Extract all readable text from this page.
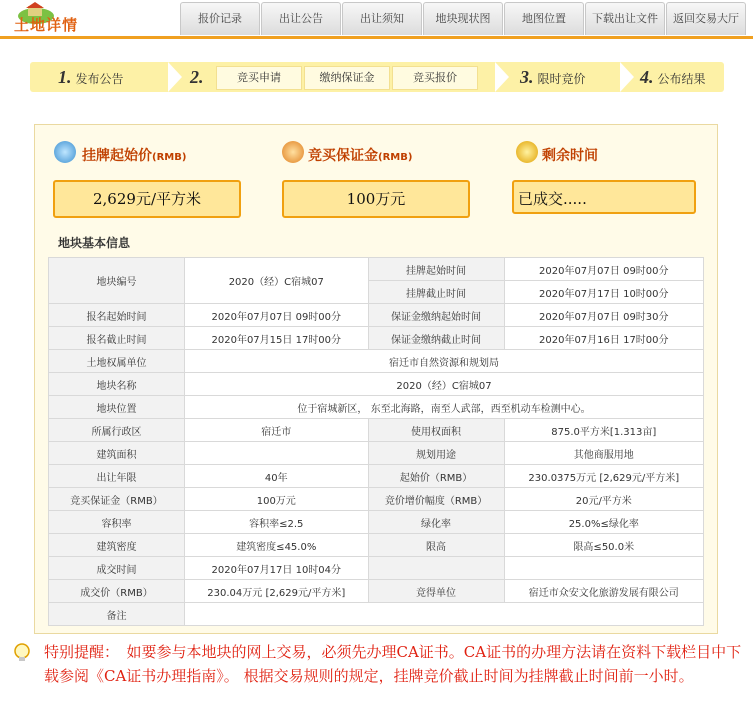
土地详情	报价记录	出让公告	出让须知	地块现状图	地图位置	下载出让文件	返回交易大厅
1. 发布公告	2.	竞买申请	缴纳保证金	竞买报价	3. 限时竞价	4. 公布结果
挂牌起始价(RMB)	竞买保证金(RMB)	剩余时间
2,629元/平方米	100万元	已成交.....
地块基本信息
地块编号	2020（经）C宿城07	挂牌起始时间	2020年07月07日 09时00分
		挂牌截止时间	2020年07月17日 10时00分
报名起始时间	2020年07月07日 09时00分	保证金缴纳起始时间	2020年07月07日 09时30分
报名截止时间	2020年07月15日 17时00分	保证金缴纳截止时间	2020年07月16日 17时00分
土地权属单位	宿迁市自然资源和规划局		
地块名称	2020（经）C宿城07		
地块位置	位于宿城新区， 东至北海路，南至人武部，西至机动车检测中心。		
所属行政区	宿迁市	使用权面积	875.0平方米[1.313亩]
建筑面积		规划用途	其他商服用地
出让年限	40年	起始价（RMB）	230.0375万元 [2,629元/平方米]
竞买保证金（RMB）	100万元	竞价增价幅度（RMB）	20元/平方米
容积率	容积率≤2.5	绿化率	25.0%≤绿化率
建筑密度	建筑密度≤45.0%	限高	限高≤50.0米
成交时间	2020年07月17日 10时04分		
成交价（RMB）	230.04万元 [2,629元/平方米]	竞得单位	宿迁市众安文化旅游发展有限公司
备注			
特别提醒：　如要参与本地块的网上交易，必须先办理CA证书。CA证书的办理方法请在资料下载栏目中下载参阅《CA证书办理指南》。 根据交易规则的规定，挂牌竞价截止时间为挂牌截止时间前一小时。
